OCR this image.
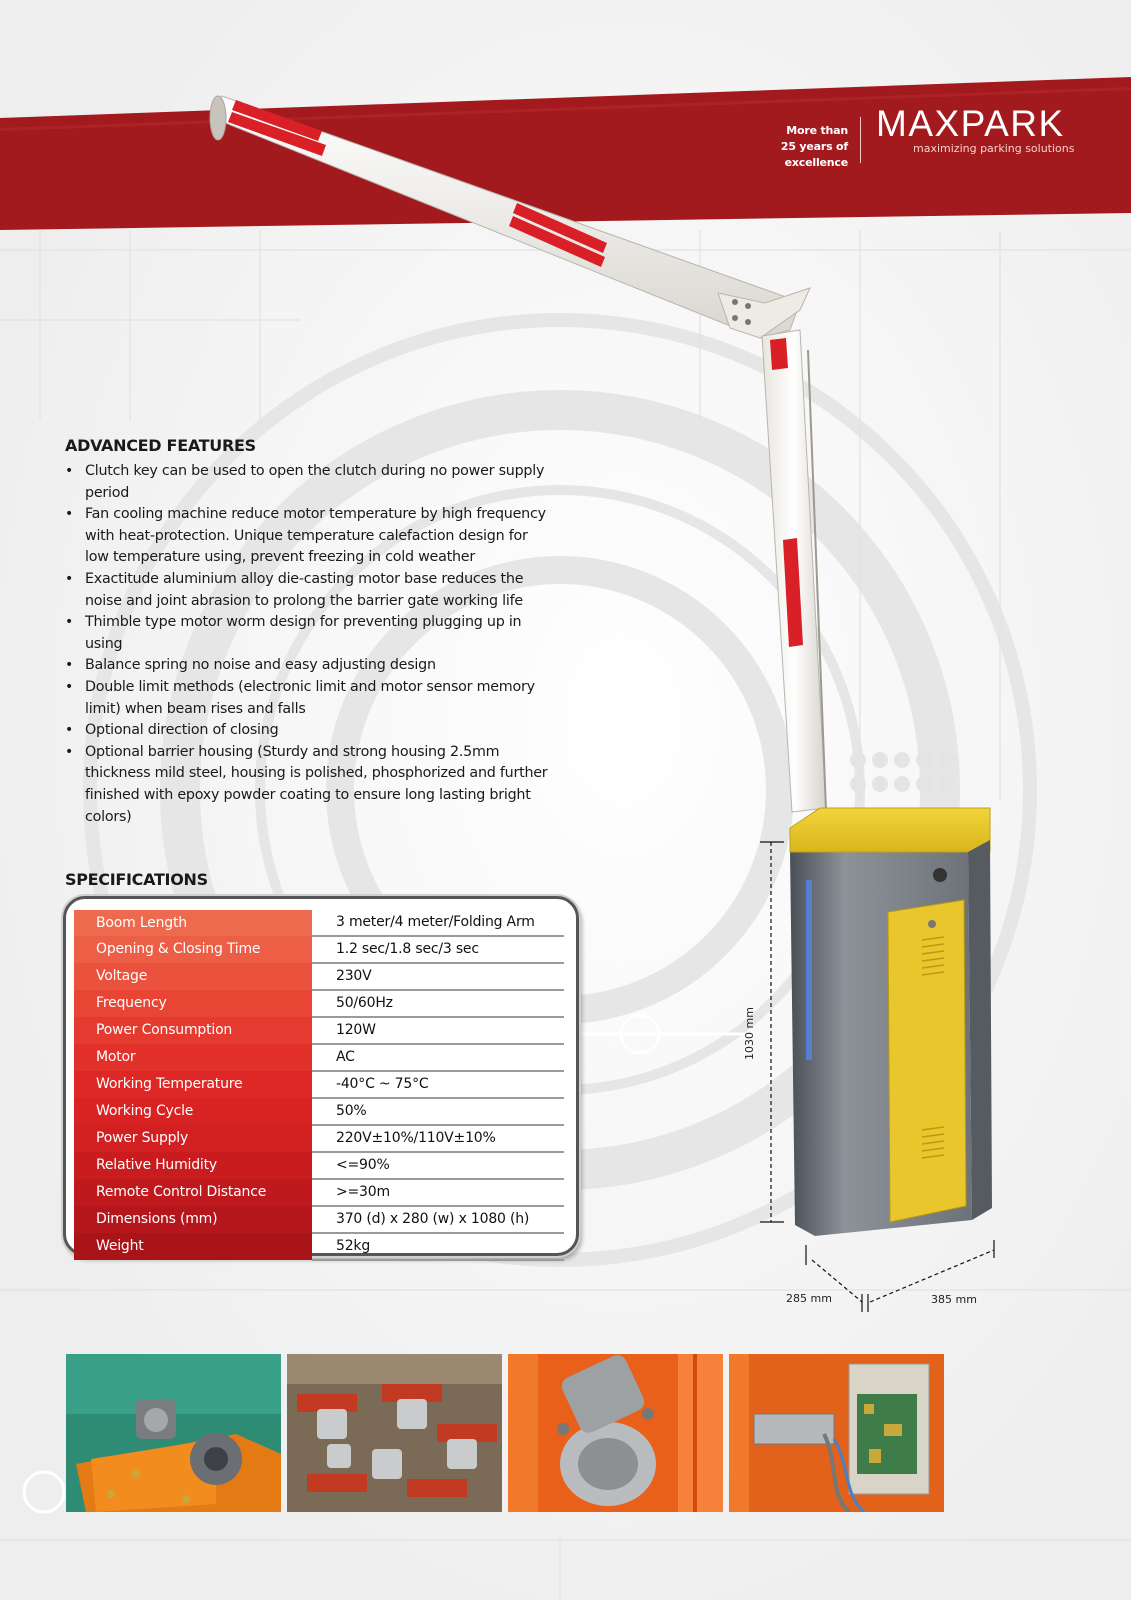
More than
25 years of excellence
MAXPARK
maximizing parking solutions
1030 mm
285 mm	385 mm
ADVANCED FEATURES
• Clutch key can be used to open the clutch during no power supply period
• Fan cooling machine reduce motor temperature by high frequency with heat-protection. Unique temperature calefaction design for low temperature using, prevent freezing in cold weather
• Exactitude aluminium alloy die-casting motor base reduces the noise and joint abrasion to prolong the barrier gate working life
• Thimble type motor worm design for preventing plugging up in using
• Balance spring no noise and easy adjusting design
• Double limit methods (electronic limit and motor sensor memory limit) when beam rises and falls
• Optional direction of closing
• Optional barrier housing (Sturdy and strong housing 2.5mm thickness mild steel, housing is polished, phosphorized and further finished with epoxy powder coating to ensure long lasting bright colors)
SPECIFICATIONS
Boom Length	3 meter/4 meter/Folding Arm
Opening & Closing Time	1.2 sec/1.8 sec/3 sec
Voltage	230V
Frequency	50/60Hz
Power Consumption	120W
Motor	AC
Working Temperature	-40°C ~ 75°C
Working Cycle	50%
Power Supply	220V±10%/110V±10%
Relative Humidity	<=90%
Remote Control Distance	>=30m
Dimensions (mm)	370 (d) x 280 (w) x 1080 (h)
Weight	52kg
